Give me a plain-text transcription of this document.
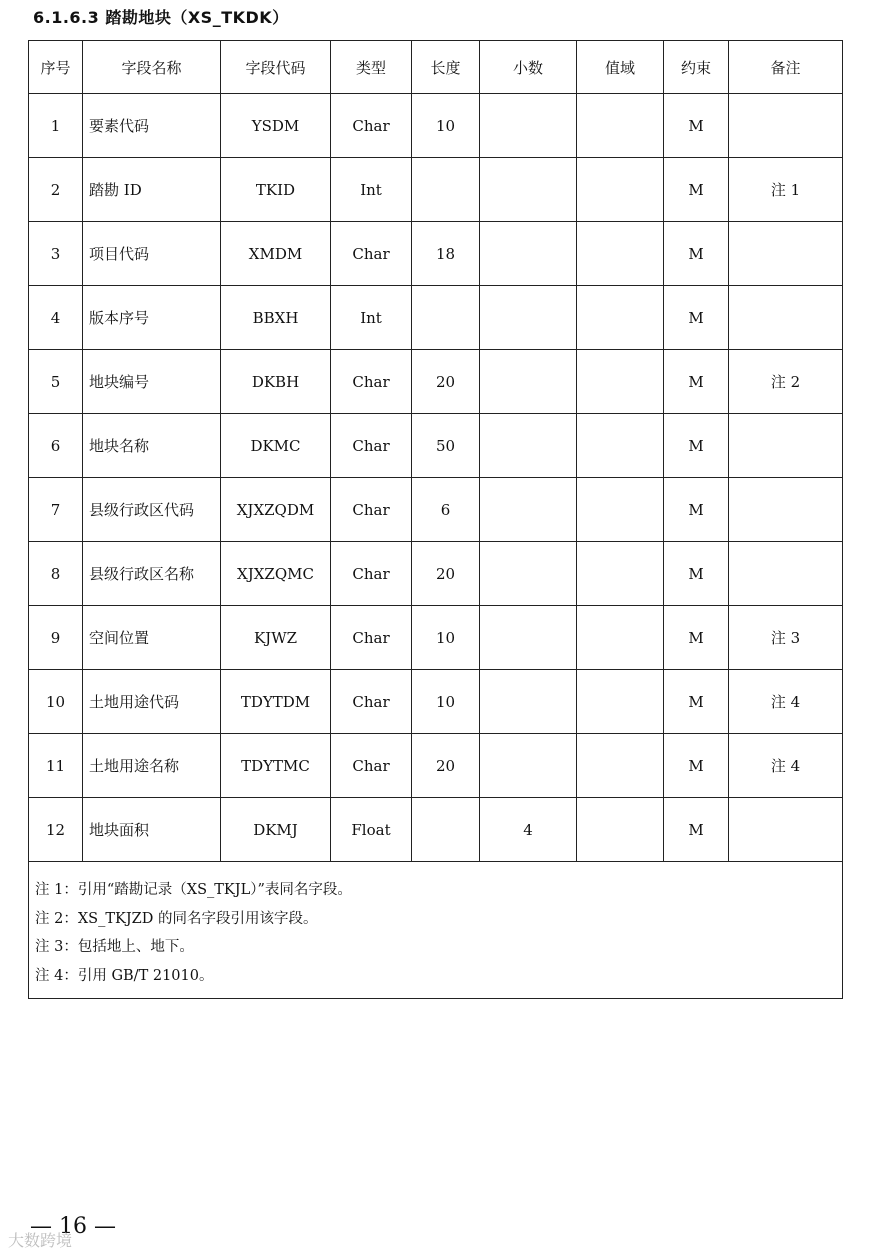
6.1.6.3 踏勘地块（XS_TKDK）
序号	字段名称	字段代码	类型	长度	小数	值域	约束	备注
1	要素代码	YSDM	Char	10			M	
2	踏勘 ID	TKID	Int				M	注 1
3	项目代码	XMDM	Char	18			M	
4	版本序号	BBXH	Int				M	
5	地块编号	DKBH	Char	20			M	注 2
6	地块名称	DKMC	Char	50			M	
7	县级行政区代码	XJXZQDM	Char	6			M	
8	县级行政区名称	XJXZQMC	Char	20			M	
9	空间位置	KJWZ	Char	10			M	注 3
10	土地用途代码	TDYTDM	Char	10			M	注 4
11	土地用途名称	TDYTMC	Char	20			M	注 4
12	地块面积	DKMJ	Float		4		M	

注 1：引用“踏勘记录（XS_TKJL）”表同名字段。
注 2：XS_TKJZD 的同名字段引用该字段。
注 3：包括地上、地下。
注 4：引用 GB/T 21010。								
— 16 —
大数跨境
